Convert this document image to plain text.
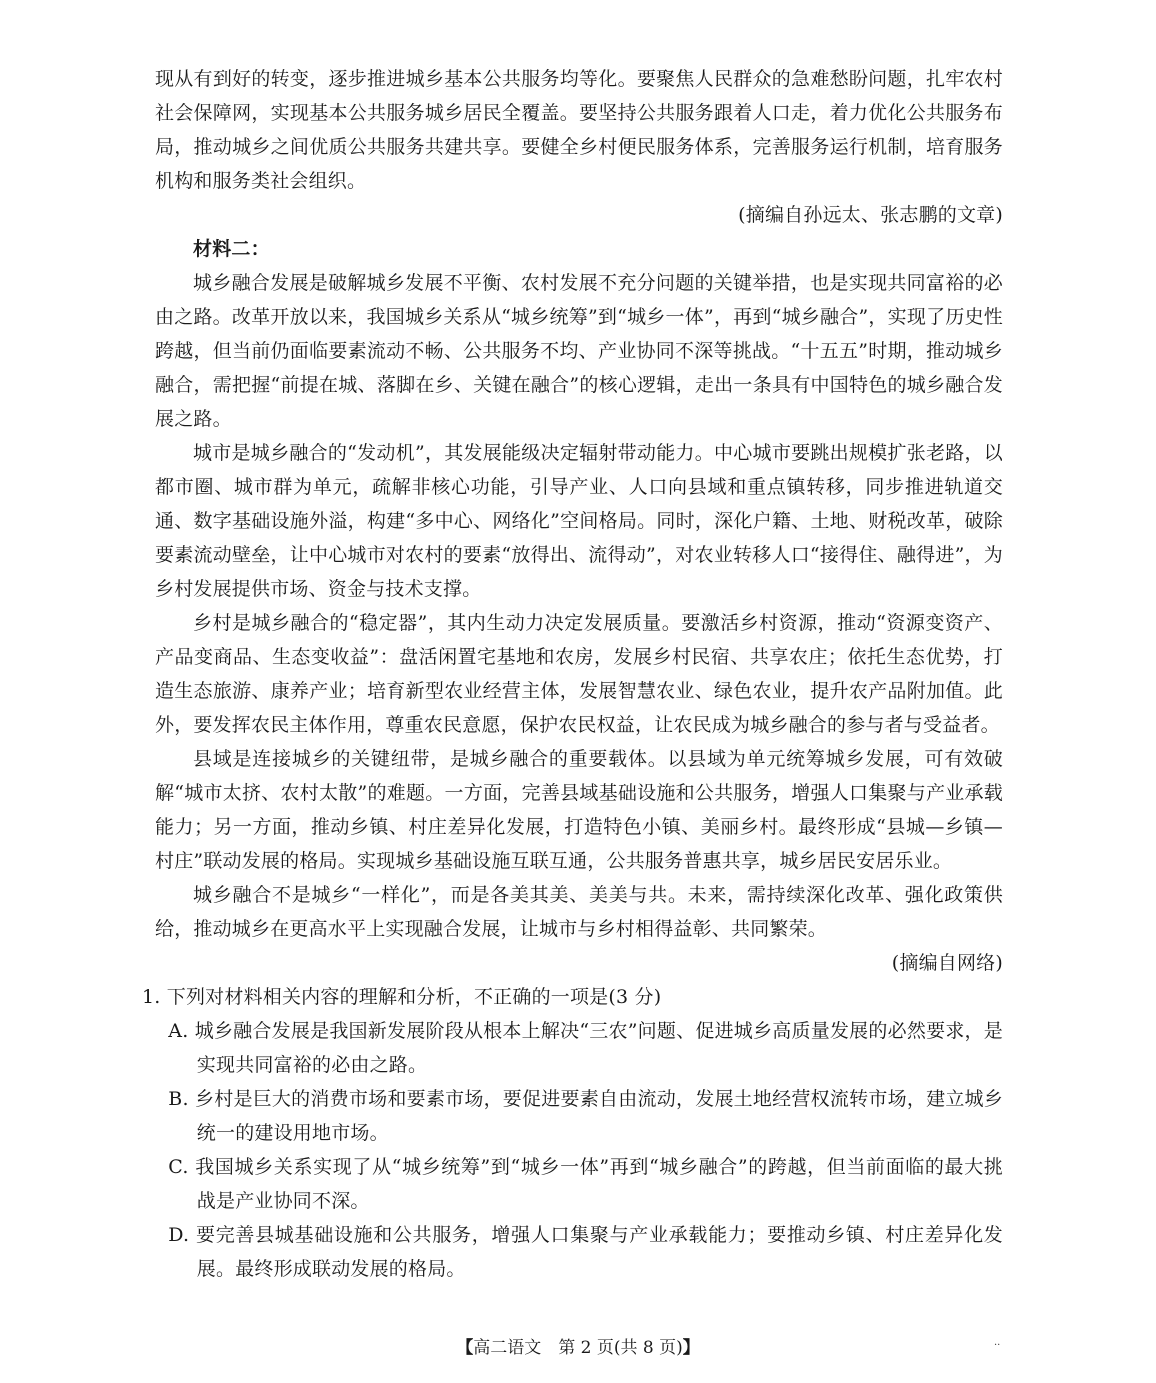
现从有到好的转变，逐步推进城乡基本公共服务均等化。要聚焦人民群众的急难愁盼问题，扎牢农村社会保障网，实现基本公共服务城乡居民全覆盖。要坚持公共服务跟着人口走，着力优化公共服务布局，推动城乡之间优质公共服务共建共享。要健全乡村便民服务体系，完善服务运行机制，培育服务机构和服务类社会组织。

(摘编自孙远太、张志鹏的文章)

材料二：

城乡融合发展是破解城乡发展不平衡、农村发展不充分问题的关键举措，也是实现共同富裕的必由之路。改革开放以来，我国城乡关系从“城乡统筹”到“城乡一体”，再到“城乡融合”，实现了历史性跨越，但当前仍面临要素流动不畅、公共服务不均、产业协同不深等挑战。“十五五”时期，推动城乡融合，需把握“前提在城、落脚在乡、关键在融合”的核心逻辑，走出一条具有中国特色的城乡融合发展之路。

城市是城乡融合的“发动机”，其发展能级决定辐射带动能力。中心城市要跳出规模扩张老路，以都市圈、城市群为单元，疏解非核心功能，引导产业、人口向县域和重点镇转移，同步推进轨道交通、数字基础设施外溢，构建“多中心、网络化”空间格局。同时，深化户籍、土地、财税改革，破除要素流动壁垒，让中心城市对农村的要素“放得出、流得动”，对农业转移人口“接得住、融得进”，为乡村发展提供市场、资金与技术支撑。

乡村是城乡融合的“稳定器”，其内生动力决定发展质量。要激活乡村资源，推动“资源变资产、产品变商品、生态变收益”：盘活闲置宅基地和农房，发展乡村民宿、共享农庄；依托生态优势，打造生态旅游、康养产业；培育新型农业经营主体，发展智慧农业、绿色农业，提升农产品附加值。此外，要发挥农民主体作用，尊重农民意愿，保护农民权益，让农民成为城乡融合的参与者与受益者。

县域是连接城乡的关键纽带，是城乡融合的重要载体。以县域为单元统筹城乡发展，可有效破解“城市太挤、农村太散”的难题。一方面，完善县域基础设施和公共服务，增强人口集聚与产业承载能力；另一方面，推动乡镇、村庄差异化发展，打造特色小镇、美丽乡村。最终形成“县城—乡镇—村庄”联动发展的格局。实现城乡基础设施互联互通，公共服务普惠共享，城乡居民安居乐业。

城乡融合不是城乡“一样化”，而是各美其美、美美与共。未来，需持续深化改革、强化政策供给，推动城乡在更高水平上实现融合发展，让城市与乡村相得益彰、共同繁荣。

(摘编自网络)

1. 下列对材料相关内容的理解和分析，不正确的一项是(3 分)

A. 城乡融合发展是我国新发展阶段从根本上解决“三农”问题、促进城乡高质量发展的必然要求，是实现共同富裕的必由之路。

B. 乡村是巨大的消费市场和要素市场，要促进要素自由流动，发展土地经营权流转市场，建立城乡统一的建设用地市场。

C. 我国城乡关系实现了从“城乡统筹”到“城乡一体”再到“城乡融合”的跨越，但当前面临的最大挑战是产业协同不深。

D. 要完善县城基础设施和公共服务，增强人口集聚与产业承载能力；要推动乡镇、村庄差异化发展。最终形成联动发展的格局。

【高二语文　第 2 页(共 8 页)】	··
